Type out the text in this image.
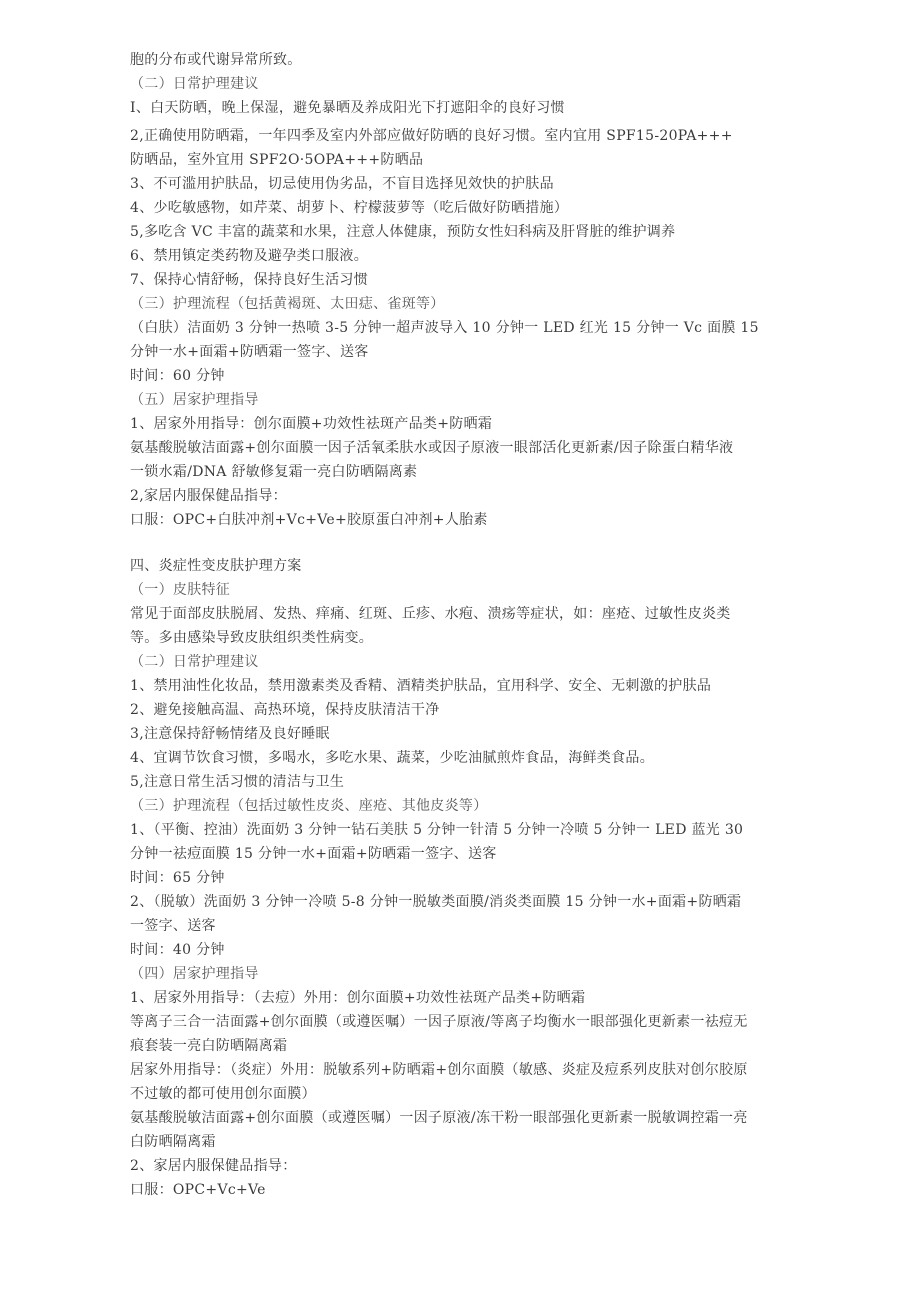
胞的分布或代谢异常所致。
（二）日常护理建议
I、白天防晒，晚上保湿，避免暴晒及养成阳光下打遮阳伞的良好习惯
2,正确使用防晒霜，一年四季及室内外部应做好防晒的良好习惯。室内宜用 SPF15-20PA+++
防晒品，室外宜用 SPF2O·5OPA+++防晒品
3、不可滥用护肤品，切忌使用伪劣品，不盲目选择见效快的护肤品
4、少吃敏感物，如芹菜、胡萝卜、柠檬菠萝等（吃后做好防晒措施）
5,多吃含 VC 丰富的蔬菜和水果，注意人体健康，预防女性妇科病及肝肾脏的维护调养
6、禁用镇定类药物及避孕类口服液。
7、保持心情舒畅，保持良好生活习惯
（三）护理流程（包括黄褐斑、太田痣、雀斑等）
（白肤）洁面奶 3 分钟一热喷 3-5 分钟一超声波导入 10 分钟一 LED 红光 15 分钟一 Vc 面膜 15
分钟一水+面霜+防晒霜一签字、送客
时间：60 分钟
（五）居家护理指导
1、居家外用指导：创尔面膜+功效性祛斑产品类+防晒霜
氨基酸脱敏洁面露+创尔面膜一因子活氧柔肤水或因子原液一眼部活化更新素/因子除蛋白精华液
一锁水霜/DNA 舒敏修复霜一亮白防晒隔离素
2,家居内服保健品指导：
口服：OPC+白肤冲剂+Vc+Ve+胶原蛋白冲剂+人胎素
四、炎症性变皮肤护理方案
（一）皮肤特征
常见于面部皮肤脱屑、发热、痒痛、红斑、丘疹、水疱、溃疡等症状，如：座疮、过敏性皮炎类
等。多由感染导致皮肤组织类性病变。
（二）日常护理建议
1、禁用油性化妆品，禁用激素类及香精、酒精类护肤品，宜用科学、安全、无刺激的护肤品
2、避免接触高温、高热环境，保持皮肤清洁干净
3,注意保持舒畅情绪及良好睡眠
4、宜调节饮食习惯，多喝水，多吃水果、蔬菜，少吃油腻煎炸食品，海鲜类食品。
5,注意日常生活习惯的清洁与卫生
（三）护理流程（包括过敏性皮炎、座疮、其他皮炎等）
1、（平衡、控油）洗面奶 3 分钟一钻石美肤 5 分钟一针清 5 分钟一冷喷 5 分钟一 LED 蓝光 30
分钟一祛痘面膜 15 分钟一水+面霜+防晒霜一签字、送客
时间：65 分钟
2、（脱敏）洗面奶 3 分钟一冷喷 5-8 分钟一脱敏类面膜/消炎类面膜 15 分钟一水+面霜+防晒霜
一签字、送客
时间：40 分钟
（四）居家护理指导
1、居家外用指导：（去痘）外用：创尔面膜+功效性祛斑产品类+防晒霜
等离子三合一洁面露+创尔面膜（或遵医嘱）一因子原液/等离子均衡水一眼部强化更新素一祛痘无
痕套装一亮白防晒隔离霜
居家外用指导：（炎症）外用：脱敏系列+防晒霜+创尔面膜（敏感、炎症及痘系列皮肤对创尔胶原
不过敏的都可使用创尔面膜）
氨基酸脱敏洁面露+创尔面膜（或遵医嘱）一因子原液/冻干粉一眼部强化更新素一脱敏调控霜一亮
白防晒隔离霜
2、家居内服保健品指导：
口服：OPC+Vc+Ve
